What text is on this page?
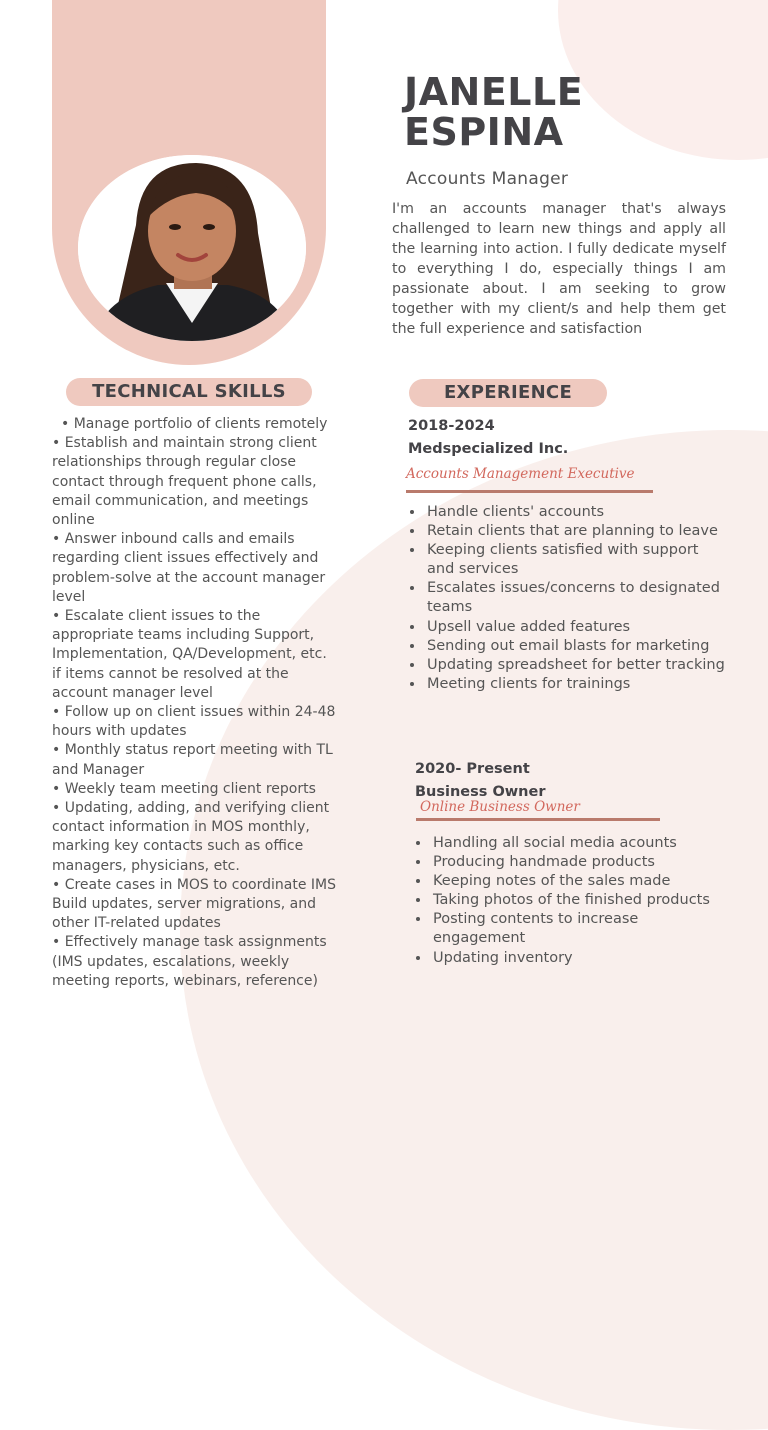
JANELLE
ESPINA
Accounts Manager

I'm an accounts manager that's always challenged to learn new things and apply all the learning into action. I fully dedicate myself to everything I do, especially things I am passionate about. I am seeking to grow together with my client/s and help them get the full experience and satisfaction

TECHNICAL SKILLS
• Manage portfolio of clients remotely
• Establish and maintain strong client relationships through regular close contact through frequent phone calls, email communication, and meetings online
• Answer inbound calls and emails regarding client issues effectively and problem-solve at the account manager level
• Escalate client issues to the appropriate teams including Support, Implementation, QA/Development, etc. if items cannot be resolved at the account manager level
• Follow up on client issues within 24-48 hours with updates
• Monthly status report meeting with TL and Manager
• Weekly team meeting client reports
• Updating, adding, and verifying client contact information in MOS monthly, marking key contacts such as office managers, physicians, etc.
• Create cases in MOS to coordinate IMS Build updates, server migrations, and other IT-related updates
• Effectively manage task assignments (IMS updates, escalations, weekly meeting reports, webinars, reference)
EXPERIENCE
2018-2024
Medspecialized Inc.
Accounts Management Executive
• Handle clients' accounts
• Retain clients that are planning to leave
• Keeping clients satisfied with support and services
• Escalates issues/concerns to designated teams
• Upsell value added features
• Sending out email blasts for marketing
• Updating spreadsheet for better tracking
• Meeting clients for trainings
2020- Present
Business Owner
Online Business Owner
• Handling all social media acounts
• Producing handmade products
• Keeping notes of the sales made
• Taking photos of the finished products
• Posting contents to increase engagement
• Updating inventory
